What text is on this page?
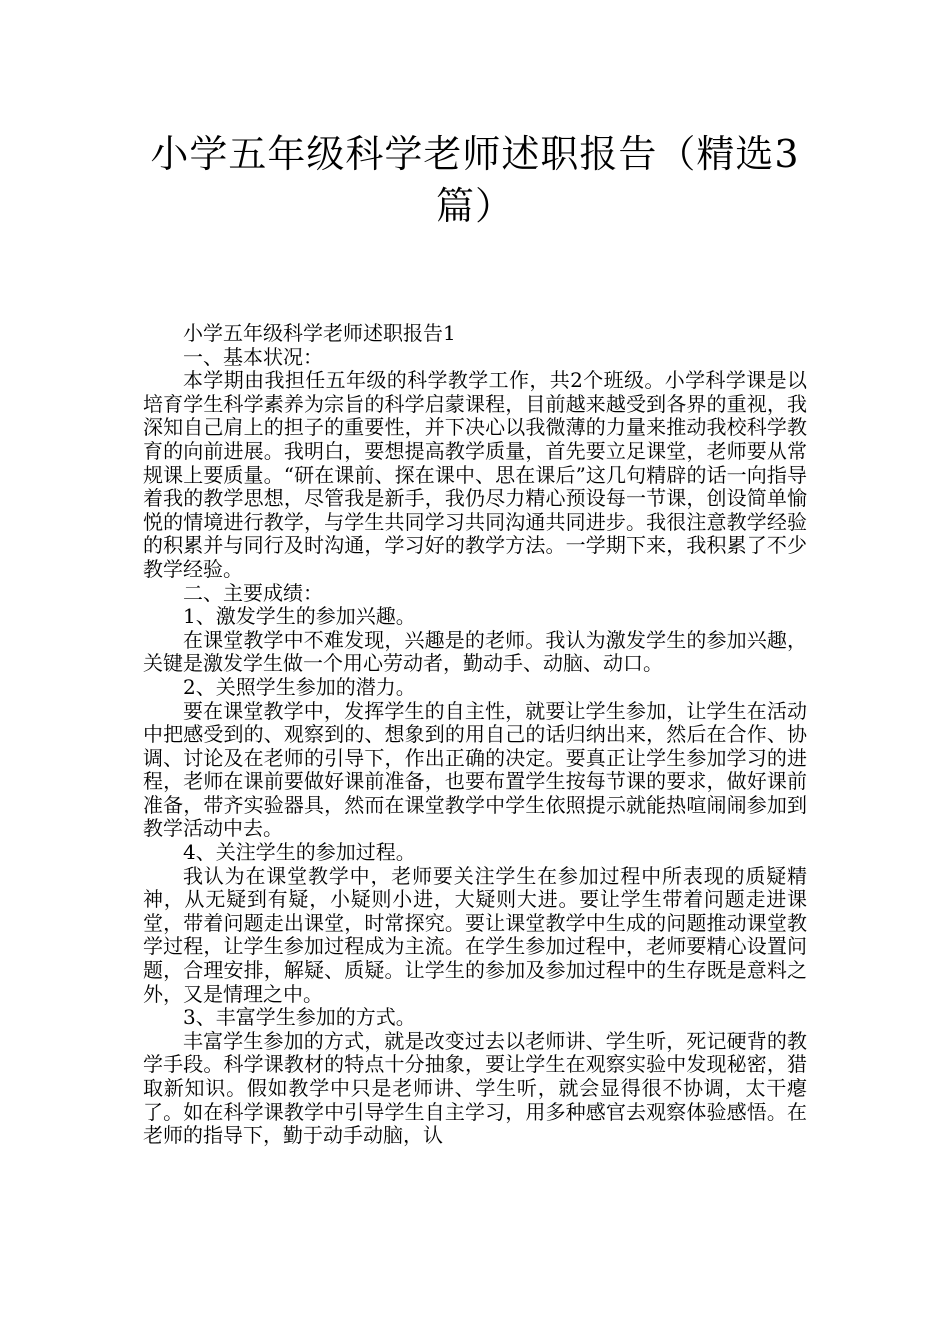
小学五年级科学老师述职报告（精选3篇）

小学五年级科学老师述职报告1

一、基本状况：

本学期由我担任五年级的科学教学工作，共2个班级。小学科学课是以培育学生科学素养为宗旨的科学启蒙课程，目前越来越受到各界的重视，我深知自己肩上的担子的重要性，并下决心以我微薄的力量来推动我校科学教育的向前进展。我明白，要想提高教学质量，首先要立足课堂，老师要从常规课上要质量。“研在课前、探在课中、思在课后”这几句精辟的话一向指导着我的教学思想，尽管我是新手，我仍尽力精心预设每一节课，创设简单愉悦的情境进行教学，与学生共同学习共同沟通共同进步。我很注意教学经验的积累并与同行及时沟通，学习好的教学方法。一学期下来，我积累了不少教学经验。

二、主要成绩：

1、激发学生的参加兴趣。

在课堂教学中不难发现，兴趣是的老师。我认为激发学生的参加兴趣，关键是激发学生做一个用心劳动者，勤动手、动脑、动口。

2、关照学生参加的潜力。

要在课堂教学中，发挥学生的自主性，就要让学生参加，让学生在活动中把感受到的、观察到的、想象到的用自己的话归纳出来，然后在合作、协调、讨论及在老师的引导下，作出正确的决定。要真正让学生参加学习的进程，老师在课前要做好课前准备，也要布置学生按每节课的要求，做好课前准备，带齐实验器具，然而在课堂教学中学生依照提示就能热喧闹闹参加到教学活动中去。

4、关注学生的参加过程。

我认为在课堂教学中，老师要关注学生在参加过程中所表现的质疑精神，从无疑到有疑，小疑则小进，大疑则大进。要让学生带着问题走进课堂，带着问题走出课堂，时常探究。要让课堂教学中生成的问题推动课堂教学过程，让学生参加过程成为主流。在学生参加过程中，老师要精心设置问题，合理安排，解疑、质疑。让学生的参加及参加过程中的生存既是意料之外，又是情理之中。

3、丰富学生参加的方式。

丰富学生参加的方式，就是改变过去以老师讲、学生听，死记硬背的教学手段。科学课教材的特点十分抽象，要让学生在观察实验中发现秘密，猎取新知识。假如教学中只是老师讲、学生听，就会显得很不协调，太干瘪了。如在科学课教学中引导学生自主学习，用多种感官去观察体验感悟。在老师的指导下，勤于动手动脑，认
